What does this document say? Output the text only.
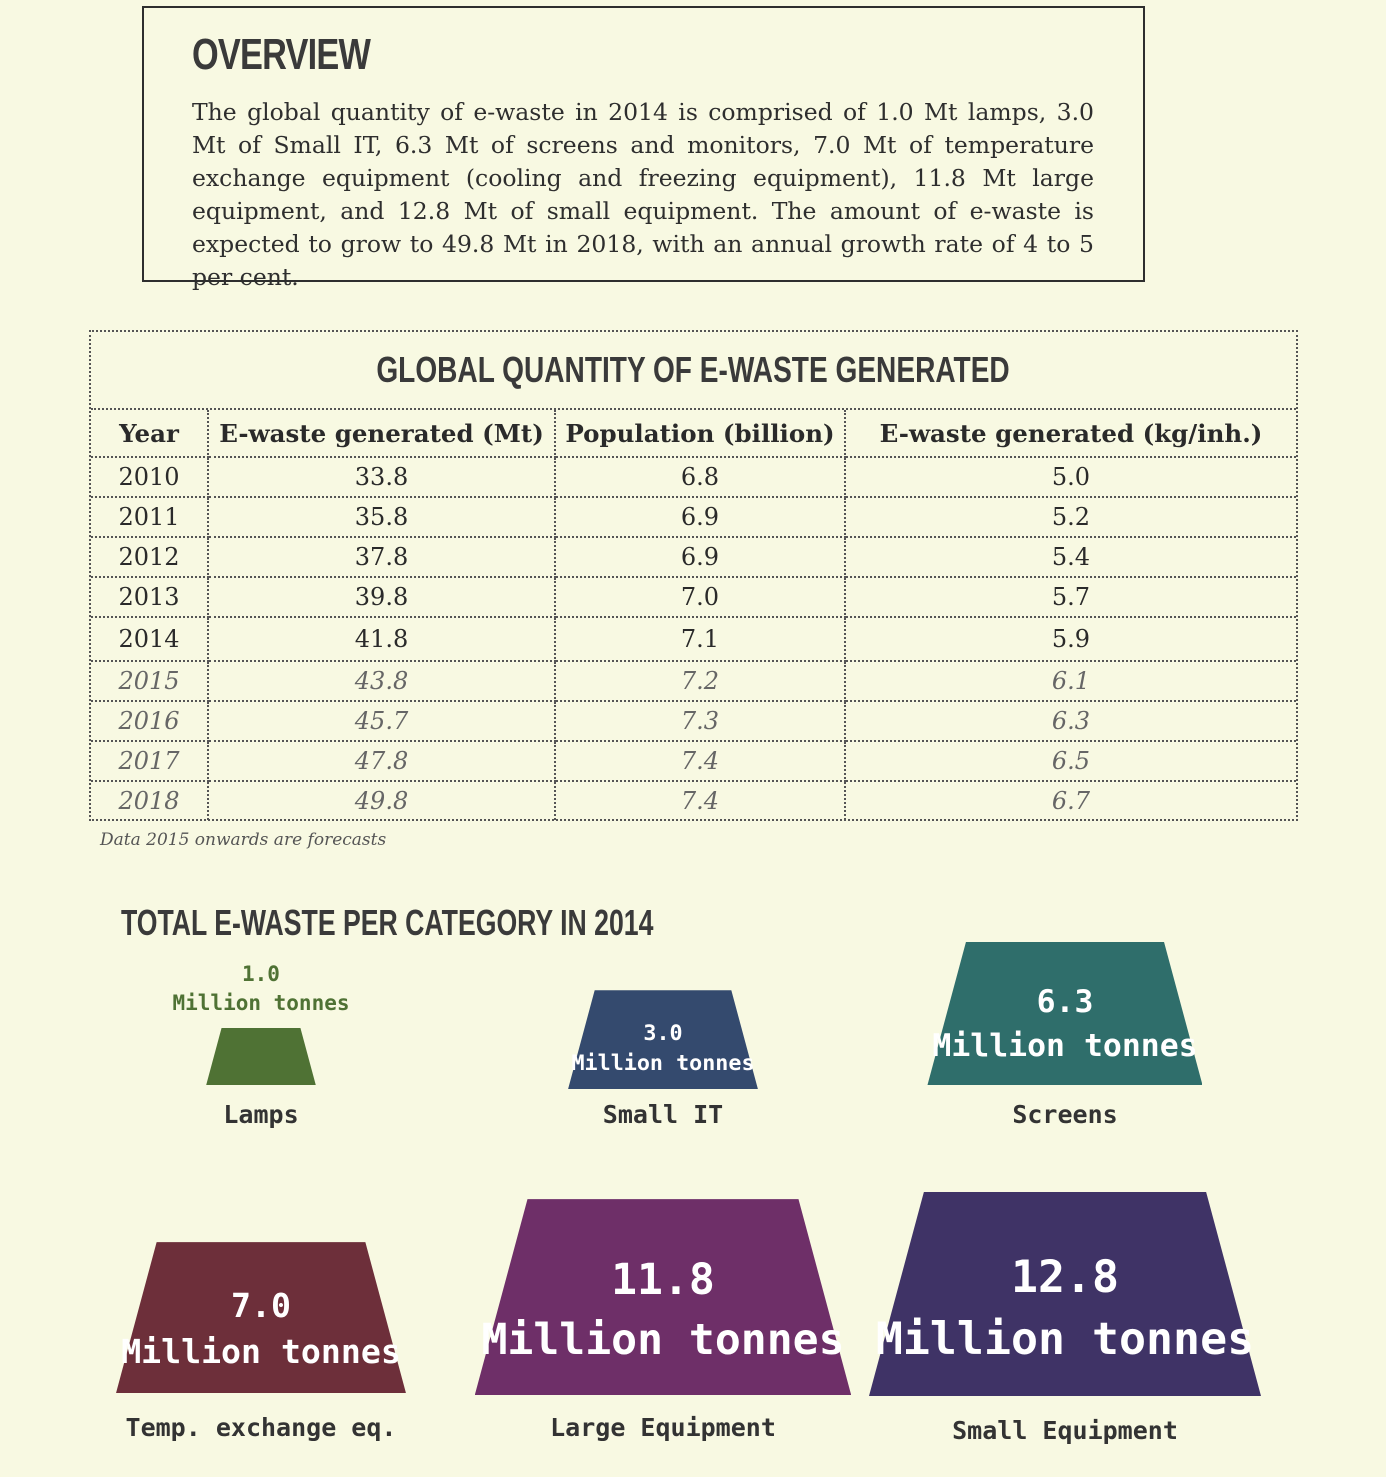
OVERVIEW

The global quantity of e-waste in 2014 is comprised of 1.0 Mt lamps, 3.0 Mt of Small IT, 6.3 Mt of screens and monitors, 7.0 Mt of temperature exchange equipment (cooling and freezing equipment), 11.8 Mt large equipment, and 12.8 Mt of small equipment. The amount of e-waste is expected to grow to 49.8 Mt in 2018, with an annual growth rate of 4 to 5 per cent.

GLOBAL QUANTITY OF E-WASTE GENERATED
Year	E-waste generated (Mt)	Population (billion)	E-waste generated (kg/inh.)
2010	33.8	6.8	5.0
2011	35.8	6.9	5.2
2012	37.8	6.9	5.4
2013	39.8	7.0	5.7
2014	41.8	7.1	5.9
2015	43.8	7.2	6.1
2016	45.7	7.3	6.3
2017	47.8	7.4	6.5
2018	49.8	7.4	6.7
Data 2015 onwards are forecasts
TOTAL E-WASTE PER CATEGORY IN 2014
1.0
Million tonnes
Lamps
3.0
Million tonnes
Small IT
6.3
Million tonnes
Screens
7.0
Million tonnes
Temp. exchange eq.
11.8
Million tonnes
Large Equipment
12.8
Million tonnes
Small Equipment
